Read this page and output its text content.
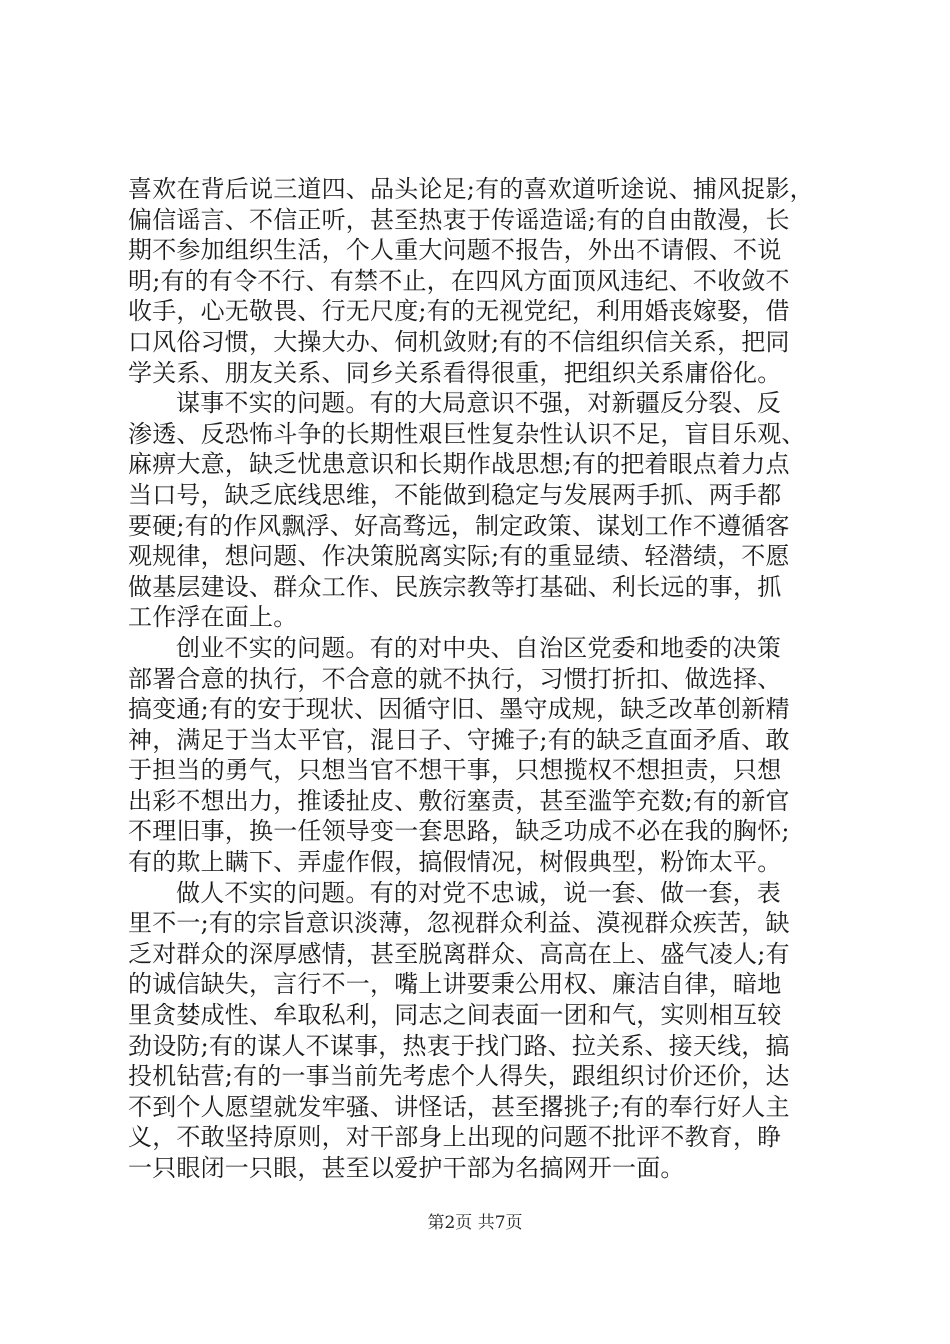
喜欢在背后说三道四、品头论足;有的喜欢道听途说、捕风捉影，
偏信谣言、不信正听，甚至热衷于传谣造谣;有的自由散漫，长
期不参加组织生活，个人重大问题不报告，外出不请假、不说
明;有的有令不行、有禁不止，在四风方面顶风违纪、不收敛不
收手，心无敬畏、行无尺度;有的无视党纪，利用婚丧嫁娶，借
口风俗习惯，大操大办、伺机敛财;有的不信组织信关系，把同
学关系、朋友关系、同乡关系看得很重，把组织关系庸俗化。
谋事不实的问题。有的大局意识不强，对新疆反分裂、反
渗透、反恐怖斗争的长期性艰巨性复杂性认识不足，盲目乐观、
麻痹大意，缺乏忧患意识和长期作战思想;有的把着眼点着力点
当口号，缺乏底线思维，不能做到稳定与发展两手抓、两手都
要硬;有的作风飘浮、好高骛远，制定政策、谋划工作不遵循客
观规律，想问题、作决策脱离实际;有的重显绩、轻潜绩，不愿
做基层建设、群众工作、民族宗教等打基础、利长远的事，抓
工作浮在面上。
创业不实的问题。有的对中央、自治区党委和地委的决策
部署合意的执行，不合意的就不执行，习惯打折扣、做选择、
搞变通;有的安于现状、因循守旧、墨守成规，缺乏改革创新精
神，满足于当太平官，混日子、守摊子;有的缺乏直面矛盾、敢
于担当的勇气，只想当官不想干事，只想揽权不想担责，只想
出彩不想出力，推诿扯皮、敷衍塞责，甚至滥竽充数;有的新官
不理旧事，换一任领导变一套思路，缺乏功成不必在我的胸怀;
有的欺上瞒下、弄虚作假，搞假情况，树假典型，粉饰太平。
做人不实的问题。有的对党不忠诚，说一套、做一套，表
里不一;有的宗旨意识淡薄，忽视群众利益、漠视群众疾苦，缺
乏对群众的深厚感情，甚至脱离群众、高高在上、盛气凌人;有
的诚信缺失，言行不一，嘴上讲要秉公用权、廉洁自律，暗地
里贪婪成性、牟取私利，同志之间表面一团和气，实则相互较
劲设防;有的谋人不谋事，热衷于找门路、拉关系、接天线，搞
投机钻营;有的一事当前先考虑个人得失，跟组织讨价还价，达
不到个人愿望就发牢骚、讲怪话，甚至撂挑子;有的奉行好人主
义，不敢坚持原则，对干部身上出现的问题不批评不教育，睁
一只眼闭一只眼，甚至以爱护干部为名搞网开一面。
第2页 共7页
